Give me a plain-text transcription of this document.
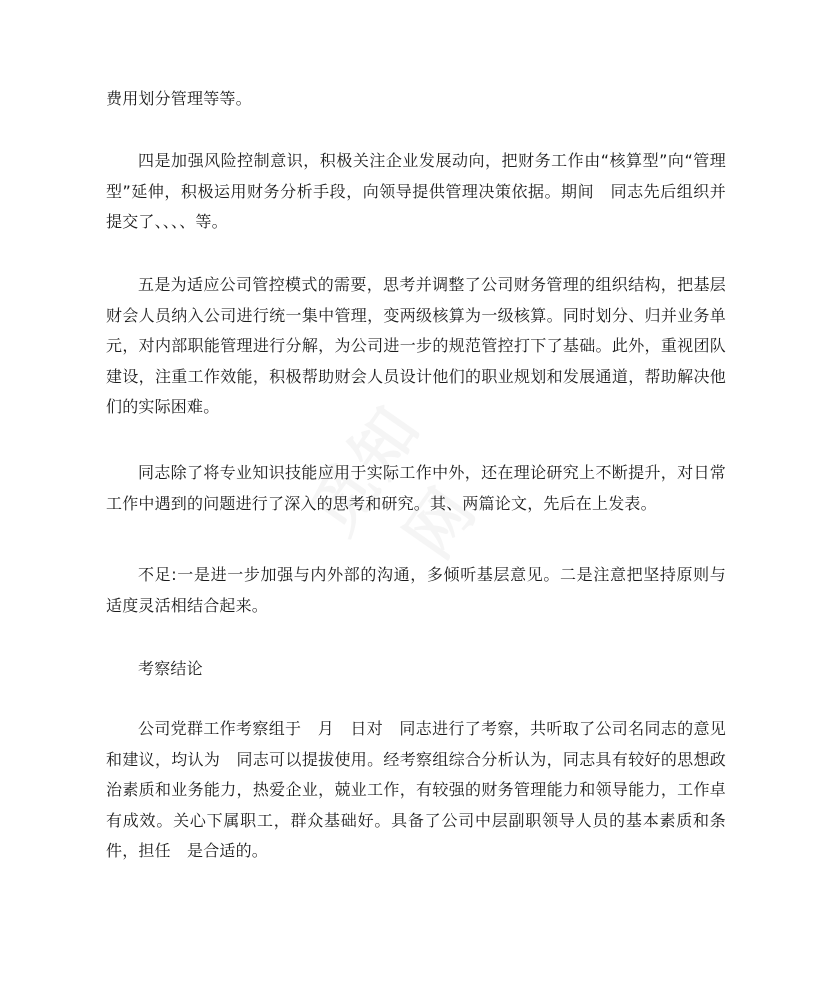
觅知网

费用划分管理等等。

四是加强风险控制意识，积极关注企业发展动向，把财务工作由“核算型”向“管理型”延伸，积极运用财务分析手段，向领导提供管理决策依据。期间　同志先后组织并提交了、、、、等。

五是为适应公司管控模式的需要，思考并调整了公司财务管理的组织结构，把基层财会人员纳入公司进行统一集中管理，变两级核算为一级核算。同时划分、归并业务单元，对内部职能管理进行分解，为公司进一步的规范管控打下了基础。此外，重视团队建设，注重工作效能，积极帮助财会人员设计他们的职业规划和发展通道，帮助解决他们的实际困难。

同志除了将专业知识技能应用于实际工作中外，还在理论研究上不断提升，对日常工作中遇到的问题进行了深入的思考和研究。其、两篇论文，先后在上发表。

不足:一是进一步加强与内外部的沟通，多倾听基层意见。二是注意把坚持原则与适度灵活相结合起来。

考察结论

公司党群工作考察组于　月　日对　同志进行了考察，共听取了公司名同志的意见和建议，均认为　同志可以提拔使用。经考察组综合分析认为，同志具有较好的思想政治素质和业务能力，热爱企业，兢业工作，有较强的财务管理能力和领导能力，工作卓有成效。关心下属职工，群众基础好。具备了公司中层副职领导人员的基本素质和条件，担任　是合适的。
